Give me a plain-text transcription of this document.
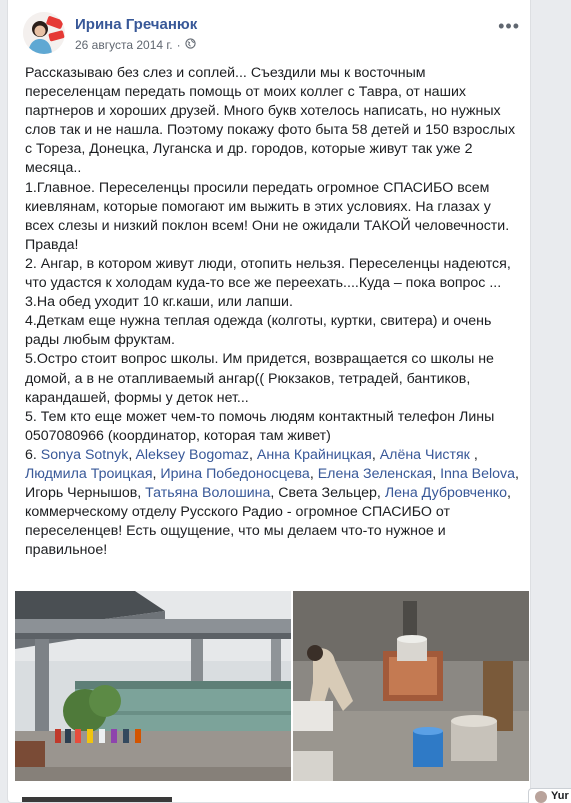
Ирина Гречанюк
26 августа 2014 г. ·
•••

Рассказываю без слез и соплей... Съездили мы к восточным переселенцам передать помощь от моих коллег с Тавра, от наших партнеров и хороших друзей. Много букв хотелось написать, но нужных слов так и не нашла. Поэтому покажу фото быта 58 детей и 150 взрослых с Тореза, Донецка, Луганска и др. городов, которые живут так уже 2 месяца..

1.Главное. Переселенцы просили передать огромное СПАСИБО всем киевлянам, которые помогают им выжить в этих условиях. На глазах у всех слезы и низкий поклон всем! Они не ожидали ТАКОЙ человечности. Правда!

2. Ангар, в котором живут люди, отопить нельзя. Переселенцы надеются, что удастся к холодам куда-то все же переехать....Куда – пока вопрос ...

3.На обед уходит 10 кг.каши, или лапши.

4.Деткам еще нужна теплая одежда (колготы, куртки, свитера) и очень рады любым фруктам.

5.Остро стоит вопрос школы. Им придется, возвращается со школы не домой, а в не отапливаемый ангар(( Рюкзаков, тетрадей, бантиков, карандашей, формы у деток нет...

5. Тем кто еще может чем-то помочь людям контактный телефон Лины 0507080966 (координатор, которая там живет)

6. Sonya Sotnyk, Aleksey Bogomaz, Анна Крайницкая, Алёна Чистяк , Людмила Троицкая, Ирина Победоносцева, Елена Зеленская, Inna Belova, Игорь Чернышов, Татьяна Волошина, Света Зельцер, Лена Дубровченко, коммерческому отделу Русского Радио - огромное СПАСИБО от переселенцев! Есть ощущение, что мы делаем что-то нужное и правильное!

Yur
